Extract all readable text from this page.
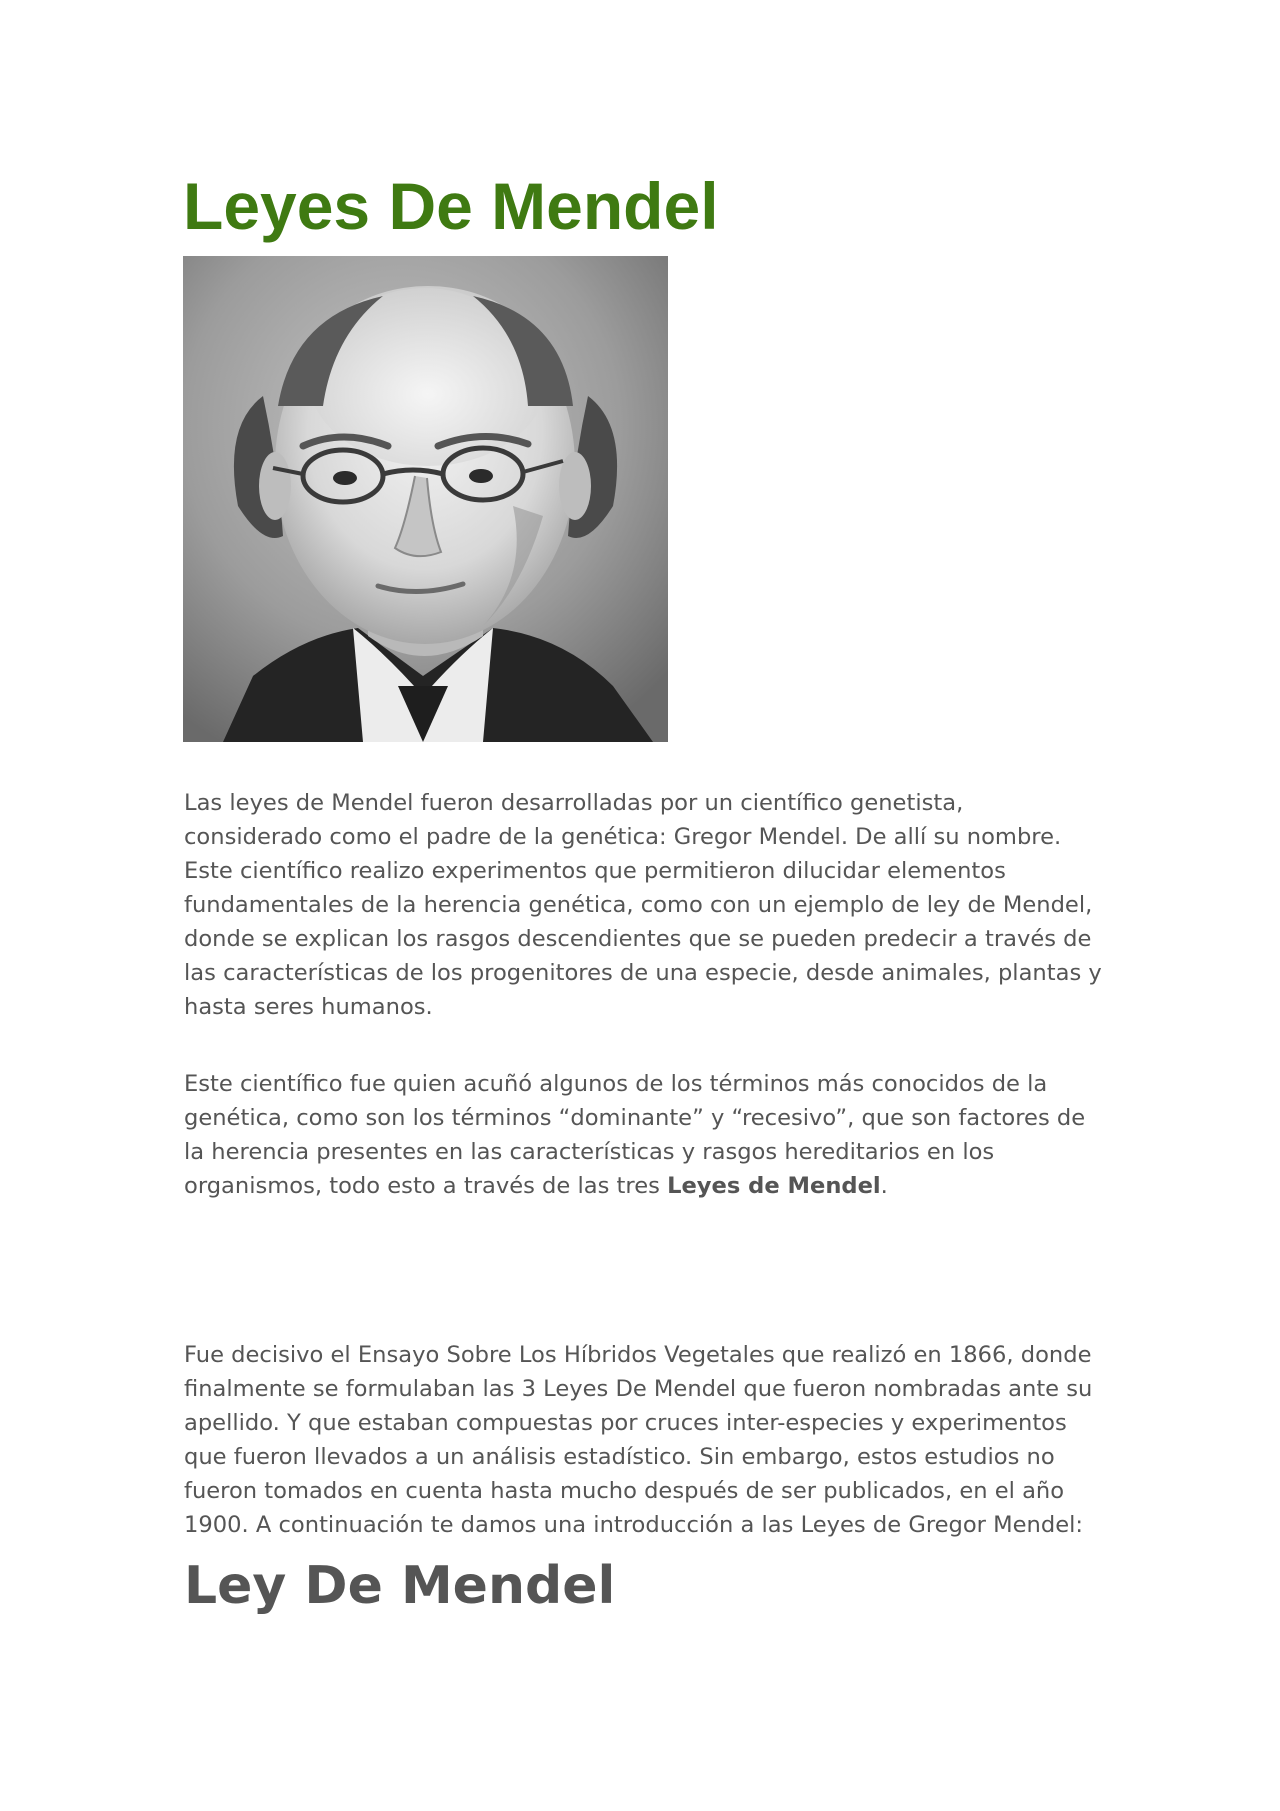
Leyes De Mendel

Las leyes de Mendel fueron desarrolladas por un científico genetista, considerado como el padre de la genética: Gregor Mendel. De allí su nombre. Este científico realizo experimentos que permitieron dilucidar elementos fundamentales de la herencia genética, como con un ejemplo de ley de Mendel, donde se explican los rasgos descendientes que se pueden predecir a través de las características de los progenitores de una especie, desde animales, plantas y hasta seres humanos.

Este científico fue quien acuñó algunos de los términos más conocidos de la genética, como son los términos “dominante” y “recesivo”, que son factores de la herencia presentes en las características y rasgos hereditarios en los organismos, todo esto a través de las tres Leyes de Mendel.

Fue decisivo el Ensayo Sobre Los Híbridos Vegetales que realizó en 1866, donde finalmente se formulaban las 3 Leyes De Mendel que fueron nombradas ante su apellido. Y que estaban compuestas por cruces inter-especies y experimentos que fueron llevados a un análisis estadístico. Sin embargo, estos estudios no fueron tomados en cuenta hasta mucho después de ser publicados, en el año 1900. A continuación te damos una introducción a las Leyes de Gregor Mendel:

Ley De Mendel
